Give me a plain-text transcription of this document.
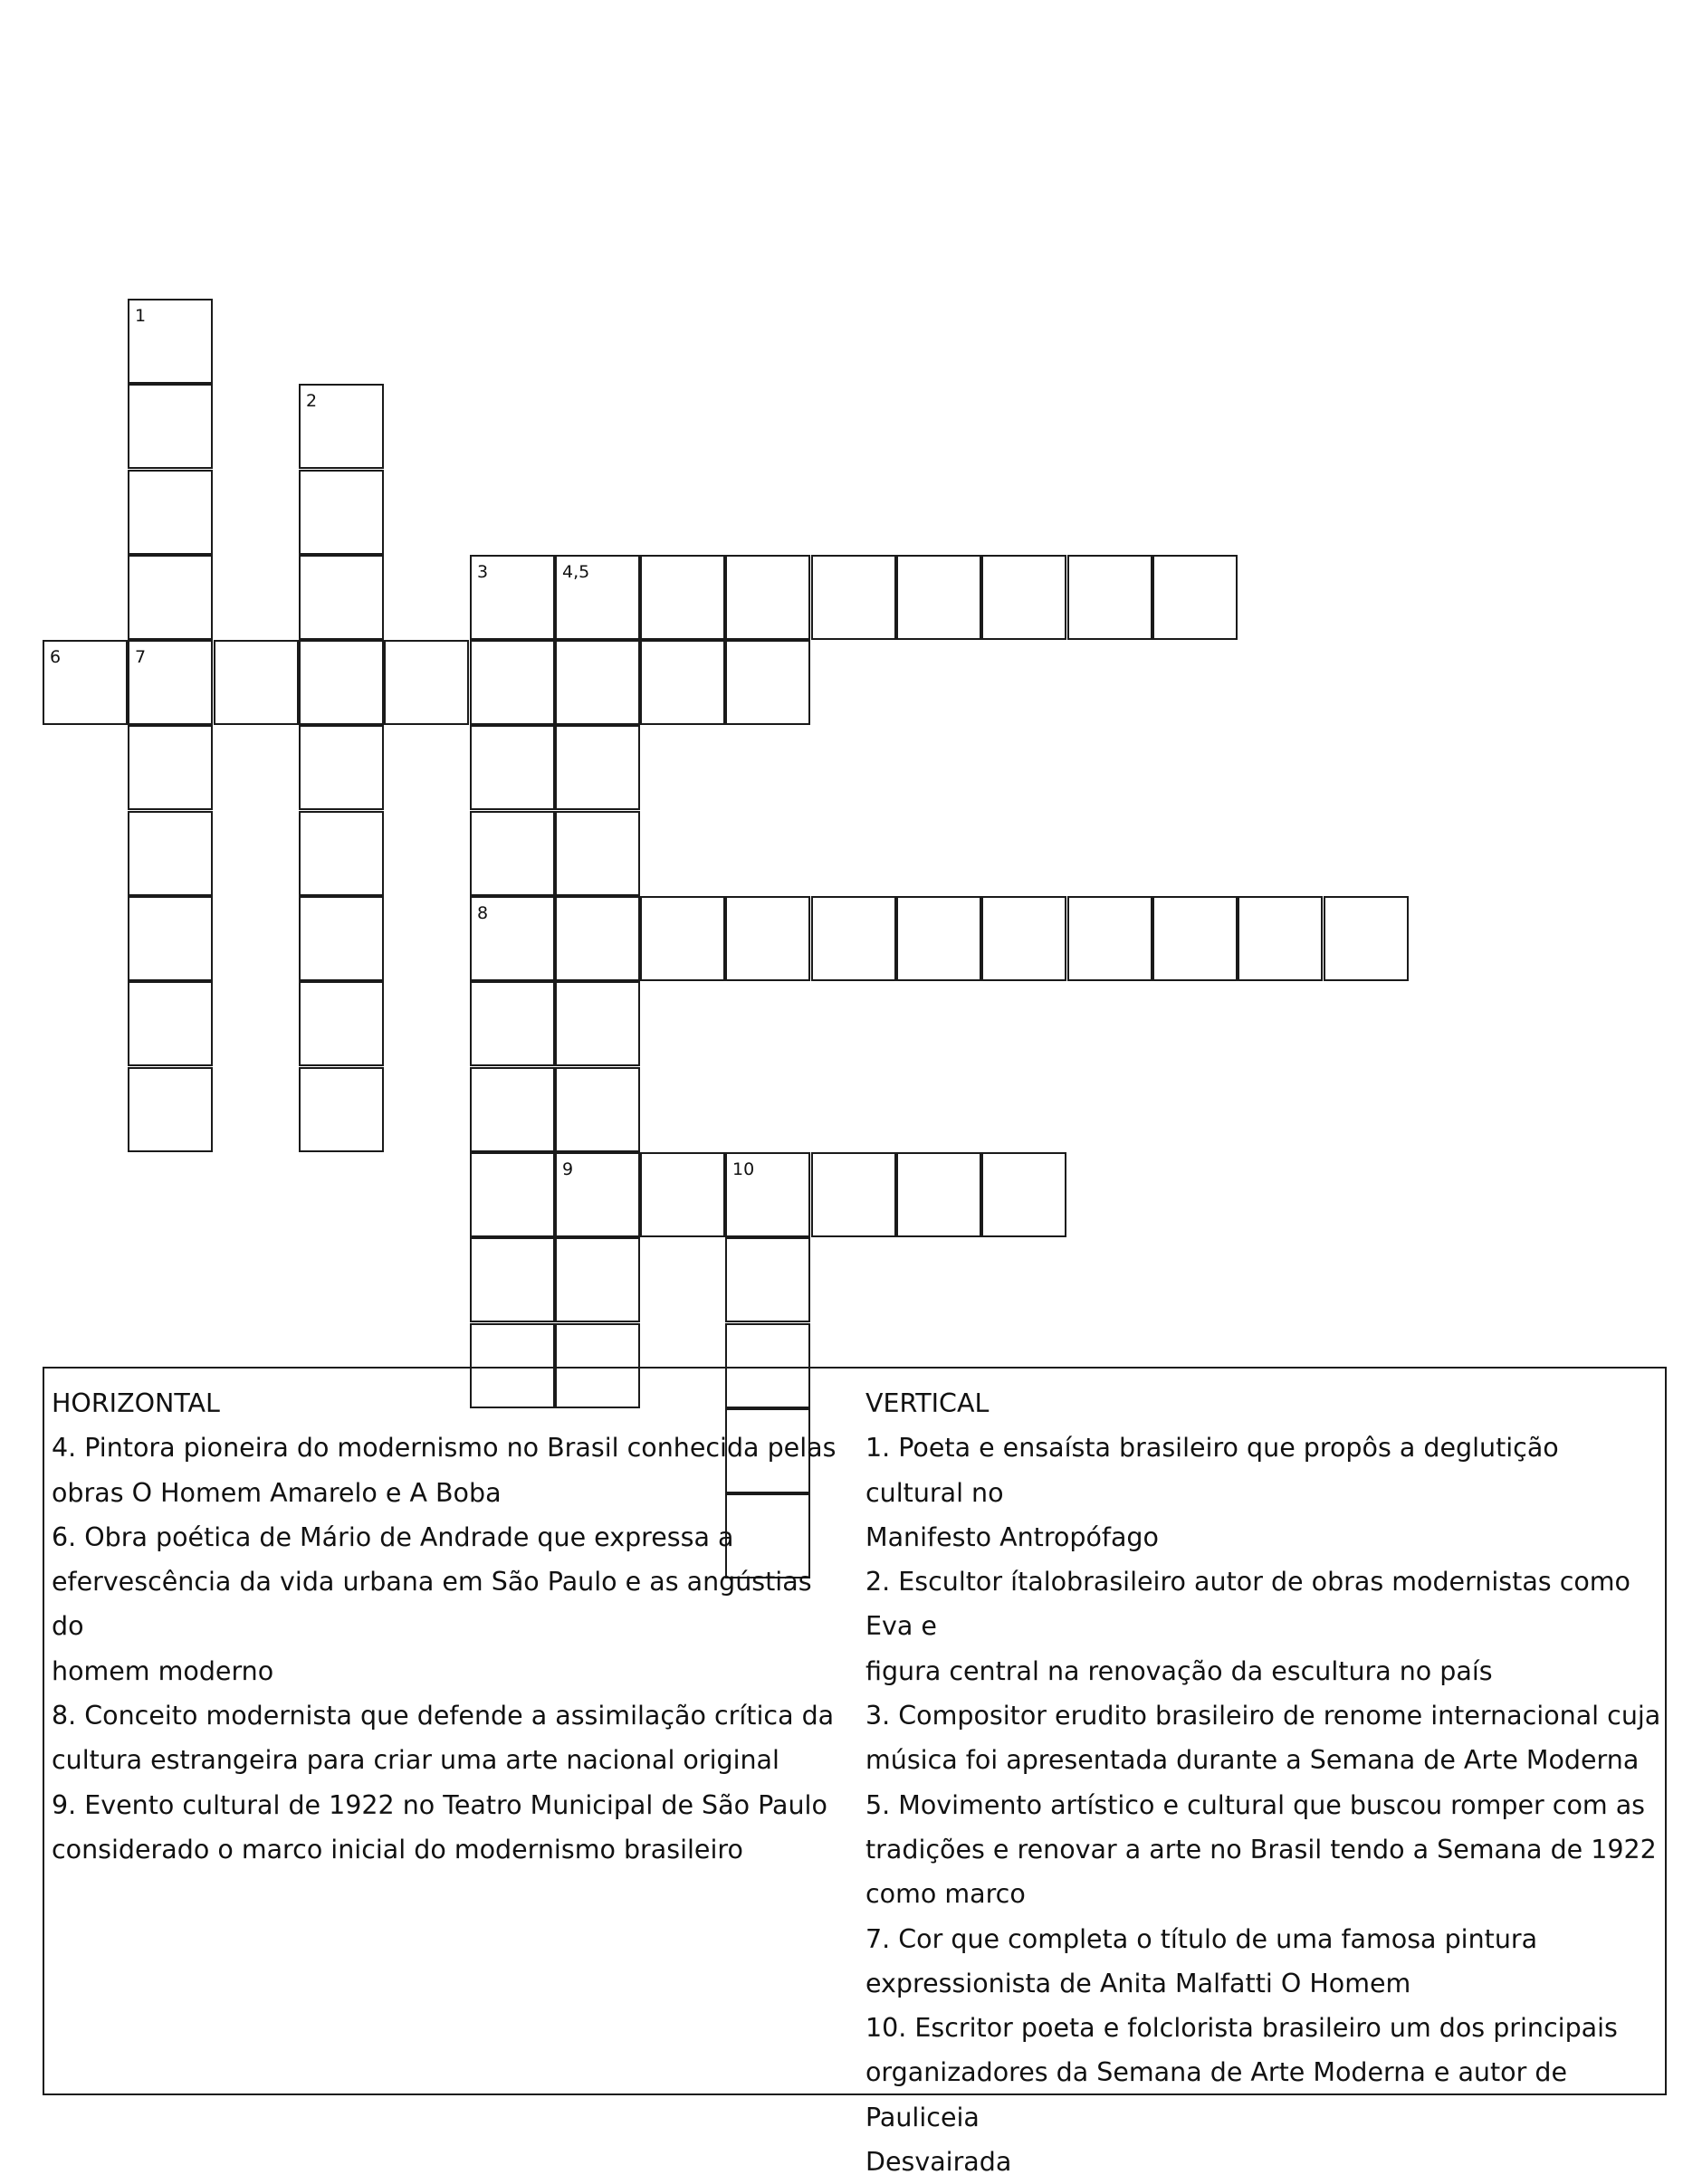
1
2
3	4,5
6	7
8
9	10
HORIZONTAL
4. Pintora pioneira do modernismo no Brasil conhecida pelas
obras O Homem Amarelo e A Boba
6. Obra poética de Mário de Andrade que expressa a
efervescência da vida urbana em São Paulo e as angústias do
homem moderno
8. Conceito modernista que defende a assimilação crítica da
cultura estrangeira para criar uma arte nacional original
9. Evento cultural de 1922 no Teatro Municipal de São Paulo
considerado o marco inicial do modernismo brasileiro
VERTICAL
1. Poeta e ensaísta brasileiro que propôs a deglutição cultural no
Manifesto Antropófago
2. Escultor ítalobrasileiro autor de obras modernistas como Eva e
figura central na renovação da escultura no país
3. Compositor erudito brasileiro de renome internacional cuja
música foi apresentada durante a Semana de Arte Moderna
5. Movimento artístico e cultural que buscou romper com as
tradições e renovar a arte no Brasil tendo a Semana de 1922
como marco
7. Cor que completa o título de uma famosa pintura
expressionista de Anita Malfatti O Homem
10. Escritor poeta e folclorista brasileiro um dos principais
organizadores da Semana de Arte Moderna e autor de Pauliceia
Desvairada
